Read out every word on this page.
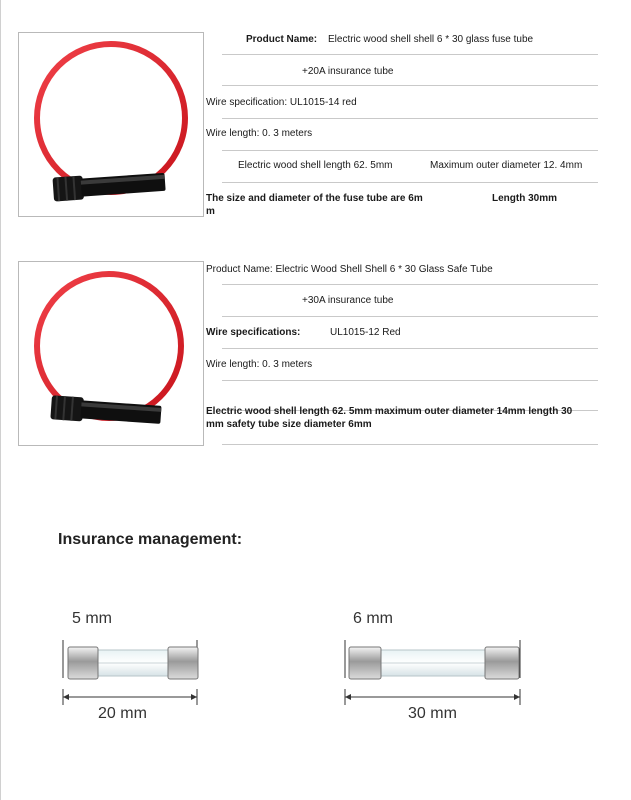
Product Name: Electric wood shell shell 6 * 30 glass fuse tube
+20A insurance tube
Wire specification: UL1015-14 red
Wire length: 0. 3 meters
Electric wood shell length 62. 5mm	Maximum outer diameter 12. 4mm
The size and diameter of the fuse tube are 6m	Length 30mm
m
Product Name: Electric Wood Shell Shell 6 * 30 Glass Safe Tube
+30A insurance tube
Wire specifications:	UL1015-12 Red
Wire length: 0. 3 meters
Electric wood shell length 62. 5mm maximum outer diameter 14mm length 30 mm safety tube size diameter 6mm
Insurance management:
5 mm
20 mm
6 mm
30 mm
